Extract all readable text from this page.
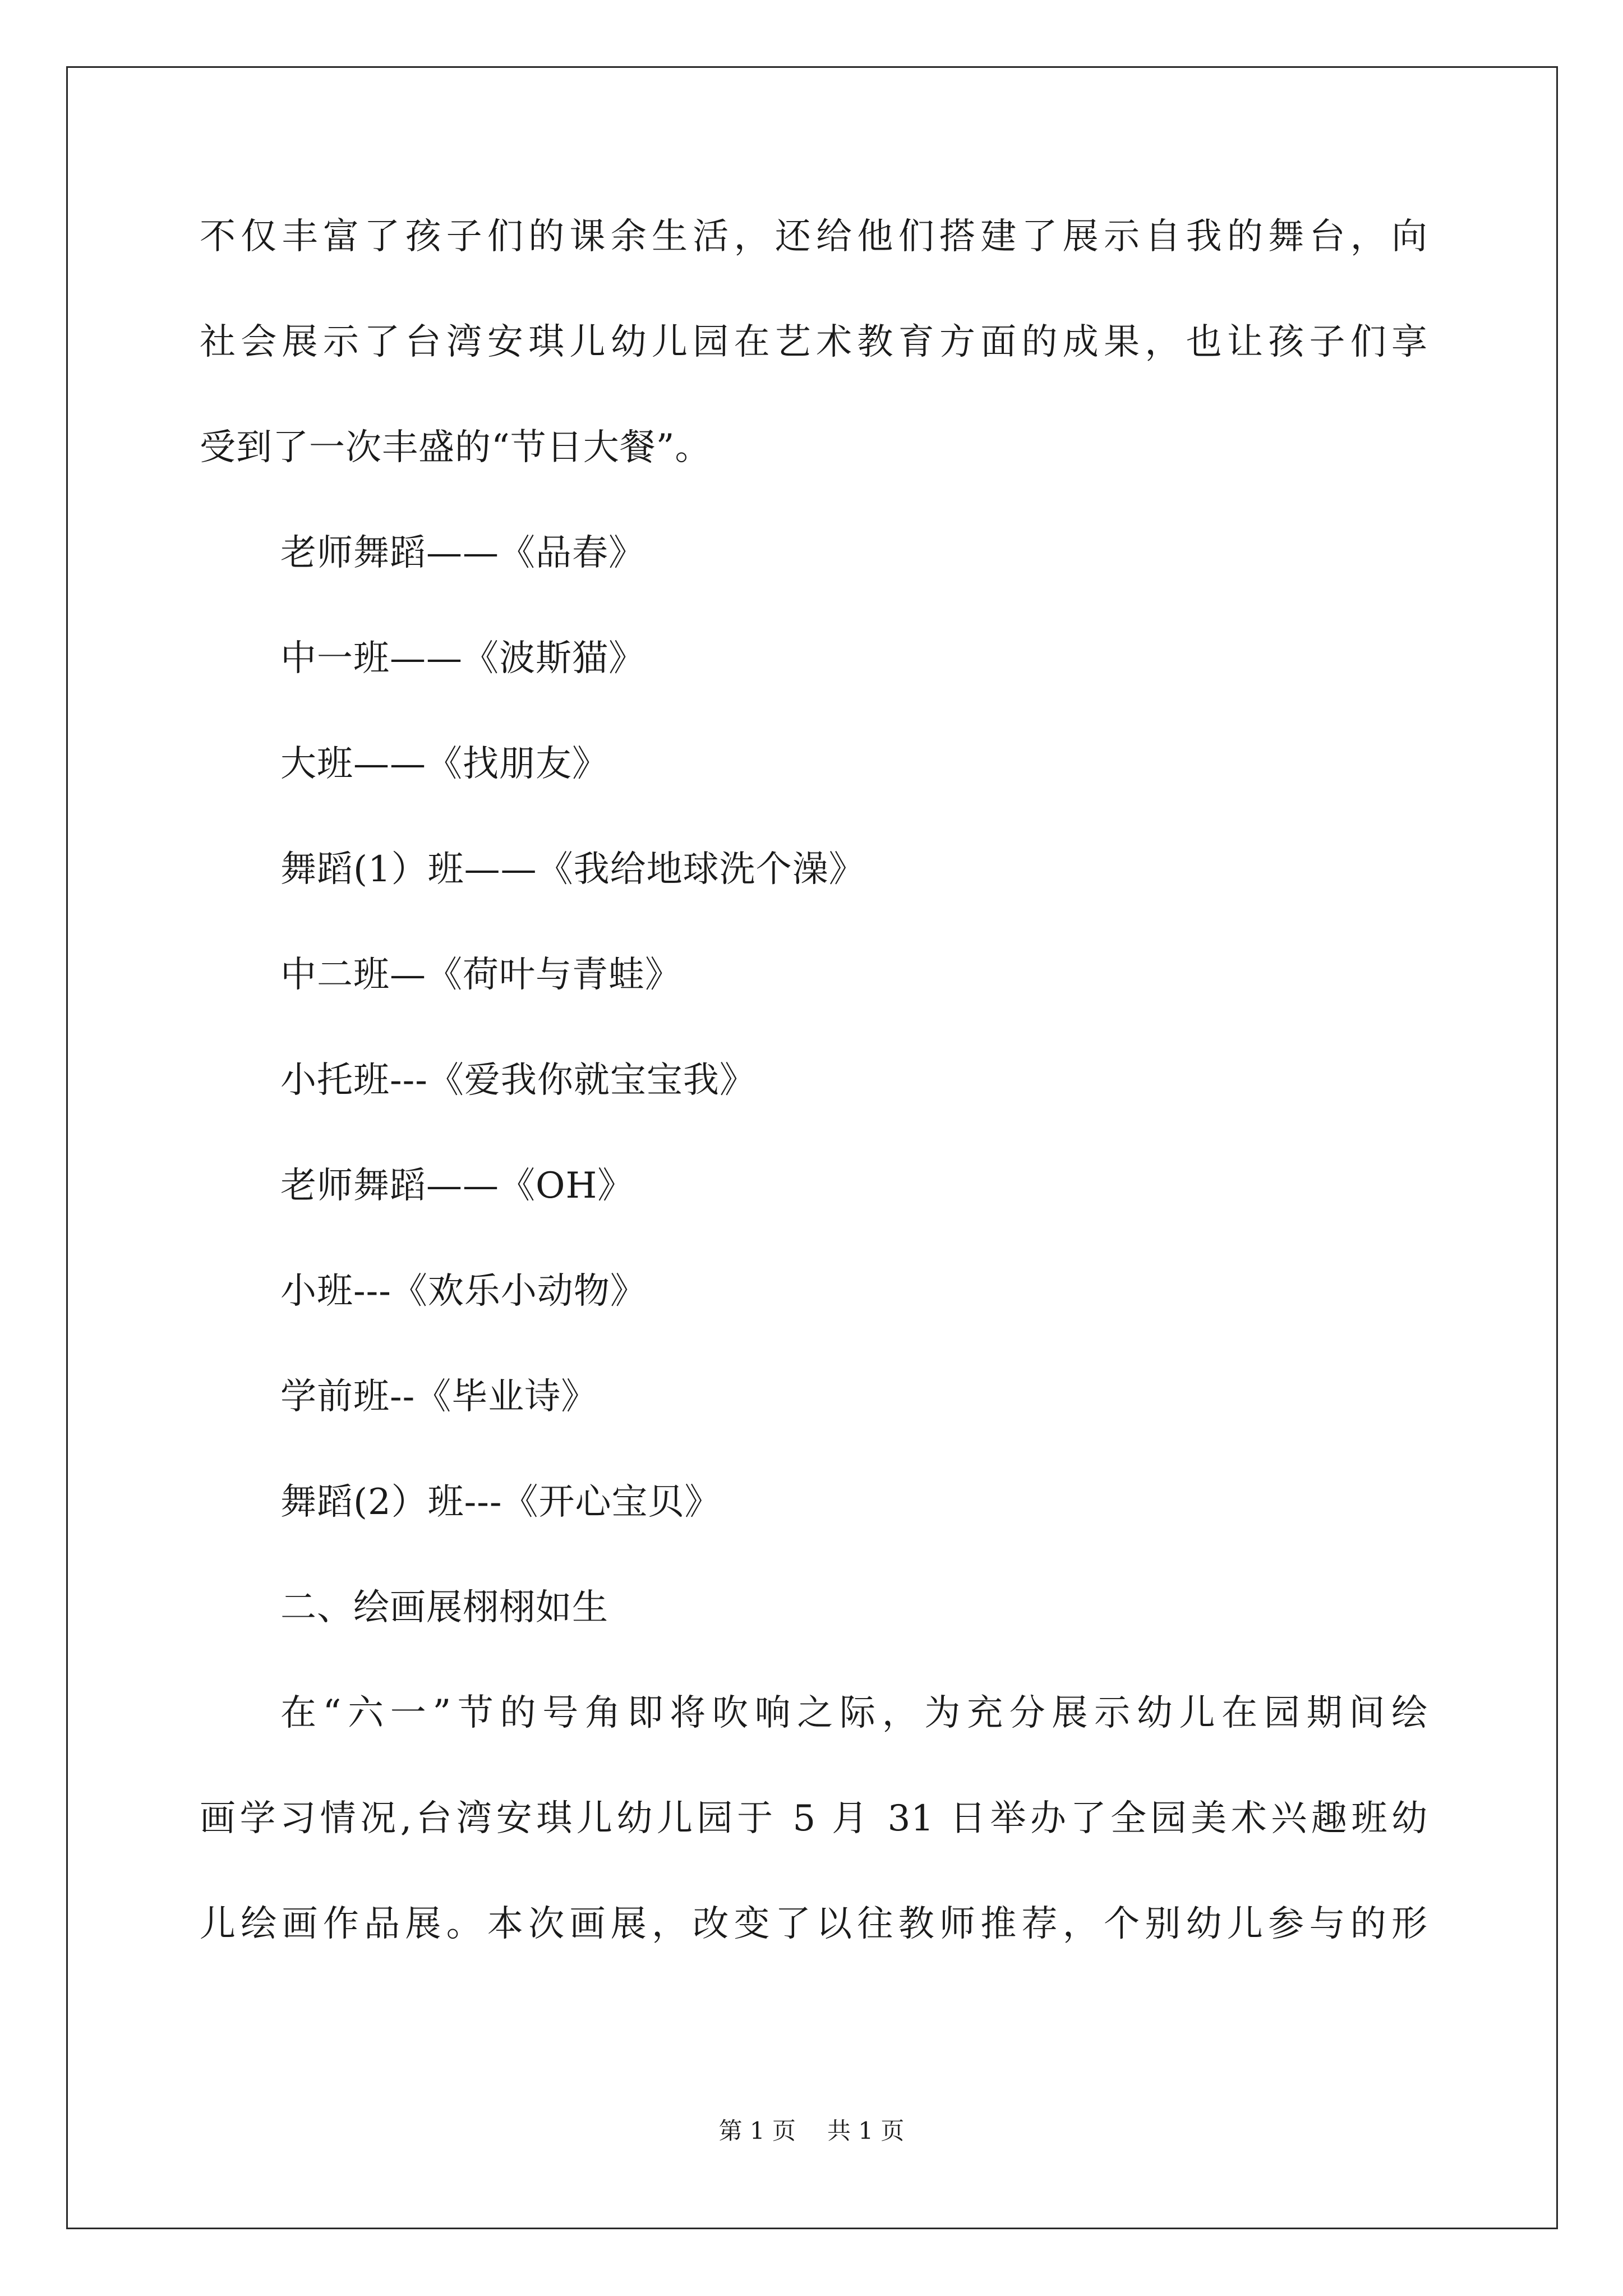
不仅丰富了孩子们的课余生活，还给他们搭建了展示自我的舞台，向
社会展示了台湾安琪儿幼儿园在艺术教育方面的成果，也让孩子们享
受到了一次丰盛的“节日大餐”。
老师舞蹈——《品春》
中一班——《波斯猫》
大班——《找朋友》
舞蹈(1）班——《我给地球洗个澡》
中二班—《荷叶与青蛙》
小托班---《爱我你就宝宝我》
老师舞蹈——《OH》
小班---《欢乐小动物》
学前班--《毕业诗》
舞蹈(2）班---《开心宝贝》
二、绘画展栩栩如生
在“六一”节的号角即将吹响之际，为充分展示幼儿在园期间绘
画学习情况,台湾安琪儿幼儿园于 5 月 31 日举办了全园美术兴趣班幼
儿绘画作品展。本次画展，改变了以往教师推荐，个别幼儿参与的形
第 1 页 共 1 页
